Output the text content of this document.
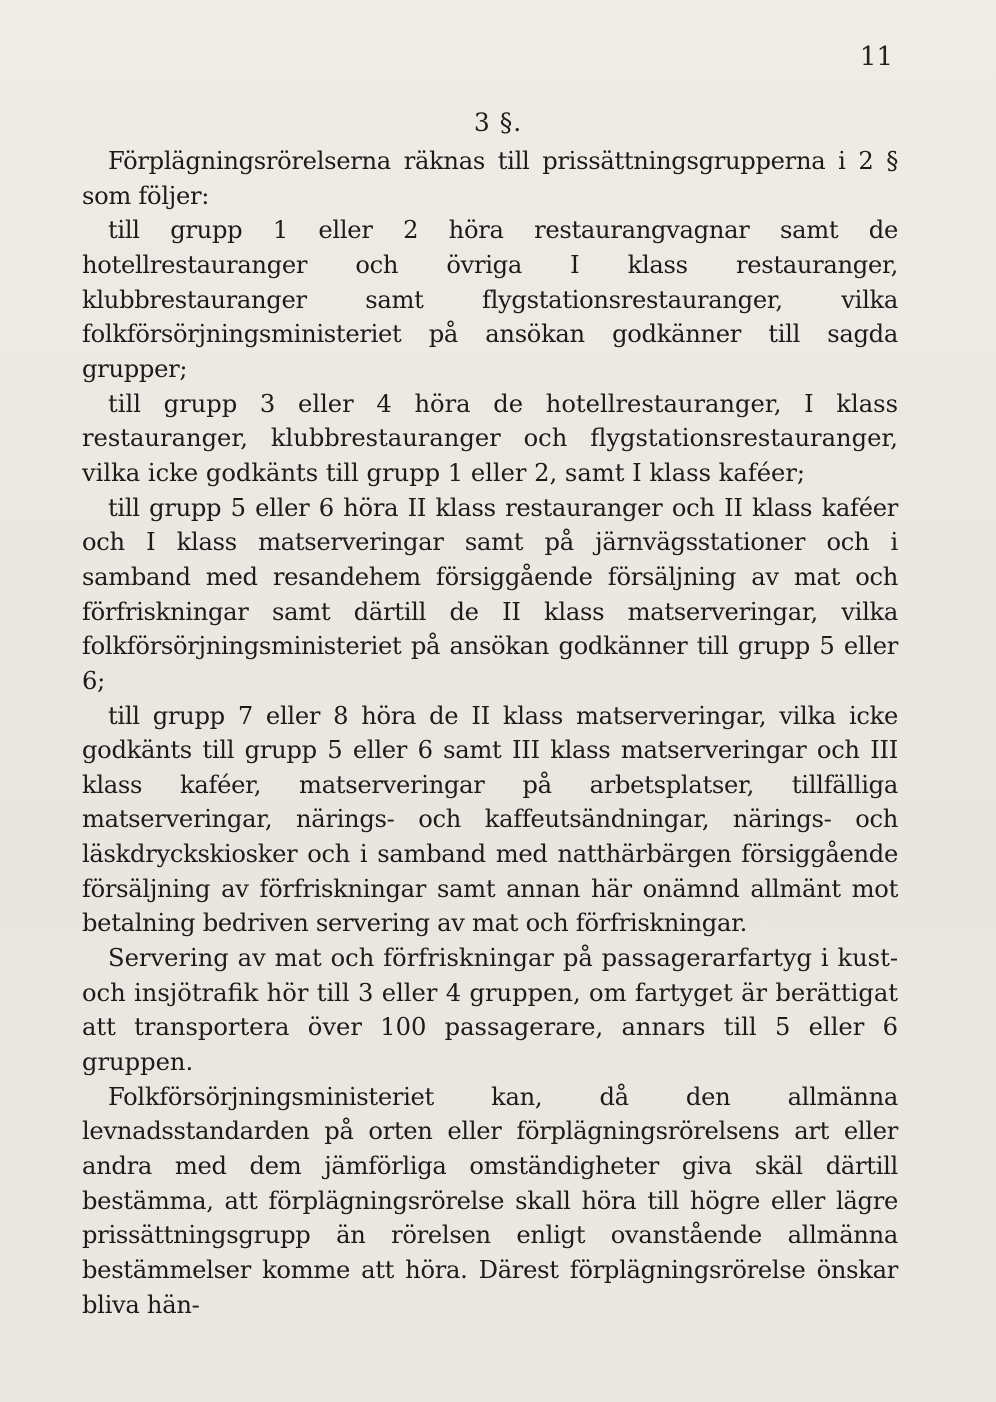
11
3 §.

Förplägningsrörelserna räknas till prissättningsgrupperna i 2 § som följer:

till grupp 1 eller 2 höra restaurangvagnar samt de hotellrestauranger och övriga I klass restauranger, klubbrestauranger samt flygstationsrestauranger, vilka folkförsörjningsministeriet på ansökan godkänner till sagda grupper;

till grupp 3 eller 4 höra de hotellrestauranger, I klass restauranger, klubbrestauranger och flygstationsrestauranger, vilka icke godkänts till grupp 1 eller 2, samt I klass kaféer;

till grupp 5 eller 6 höra II klass restauranger och II klass kaféer och I klass matserveringar samt på järnvägsstationer och i samband med resandehem försiggående försäljning av mat och förfriskningar samt därtill de II klass matserveringar, vilka folkförsörjningsministeriet på ansökan godkänner till grupp 5 eller 6;

till grupp 7 eller 8 höra de II klass matserveringar, vilka icke godkänts till grupp 5 eller 6 samt III klass matserveringar och III klass kaféer, matserveringar på arbetsplatser, tillfälliga matserveringar, närings- och kaffeutsändningar, närings- och läskdryckskiosker och i samband med natthärbärgen försiggående försäljning av förfriskningar samt annan här onämnd allmänt mot betalning bedriven servering av mat och förfriskningar.

Servering av mat och förfriskningar på passagerarfartyg i kust- och insjötrafik hör till 3 eller 4 gruppen, om fartyget är berättigat att transportera över 100 passagerare, annars till 5 eller 6 gruppen.

Folkförsörjningsministeriet kan, då den allmänna levnadsstandarden på orten eller förplägningsrörelsens art eller andra med dem jämförliga omständigheter giva skäl därtill bestämma, att förplägningsrörelse skall höra till högre eller lägre prissättningsgrupp än rörelsen enligt ovanstående allmänna bestämmelser komme att höra. Därest förplägningsrörelse önskar bliva hän-
